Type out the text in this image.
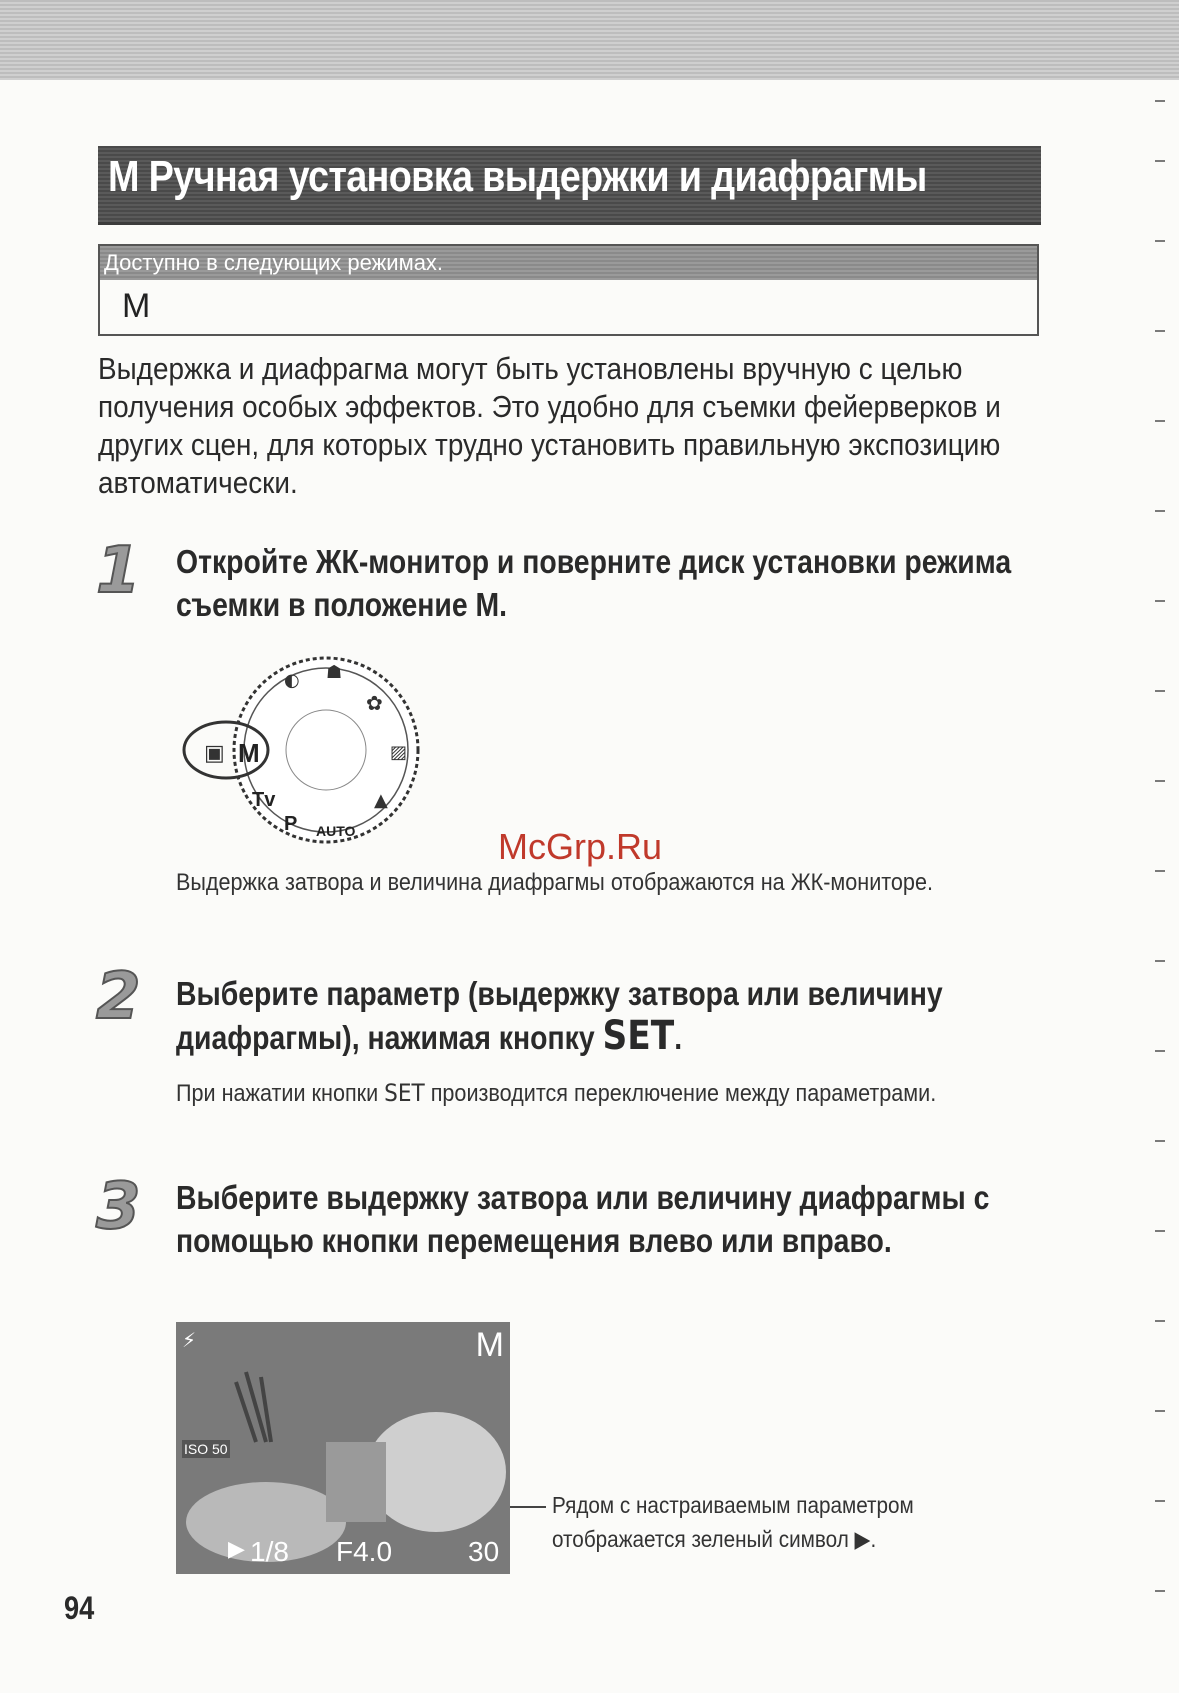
M Ручная установка выдержки и диафрагмы
Доступно в следующих режимах.
M
Выдержка и диафрагма могут быть установлены вручную с целью получения особых эффектов. Это удобно для съемки фейерверков и других сцен, для которых трудно установить правильную экспозицию автоматически.
1 Откройте ЖК-монитор и поверните диск установки режима съемки в положение M.
▣ M
Tv
P AUTO
✿
▨
▲
◐ ☗
McGrp.Ru
Выдержка затвора и величина диафрагмы отображаются на ЖК-мониторе.
2 Выберите параметр (выдержку затвора или величину диафрагмы), нажимая кнопку SET.
При нажатии кнопки SET производится переключение между параметрами.
3 Выберите выдержку затвора или величину диафрагмы с помощью кнопки перемещения влево или вправо.
⚡
ISO 50
M
▶ 1/8 F4.0	30
Рядом с настраиваемым параметром отображается зеленый символ ▶.
94
